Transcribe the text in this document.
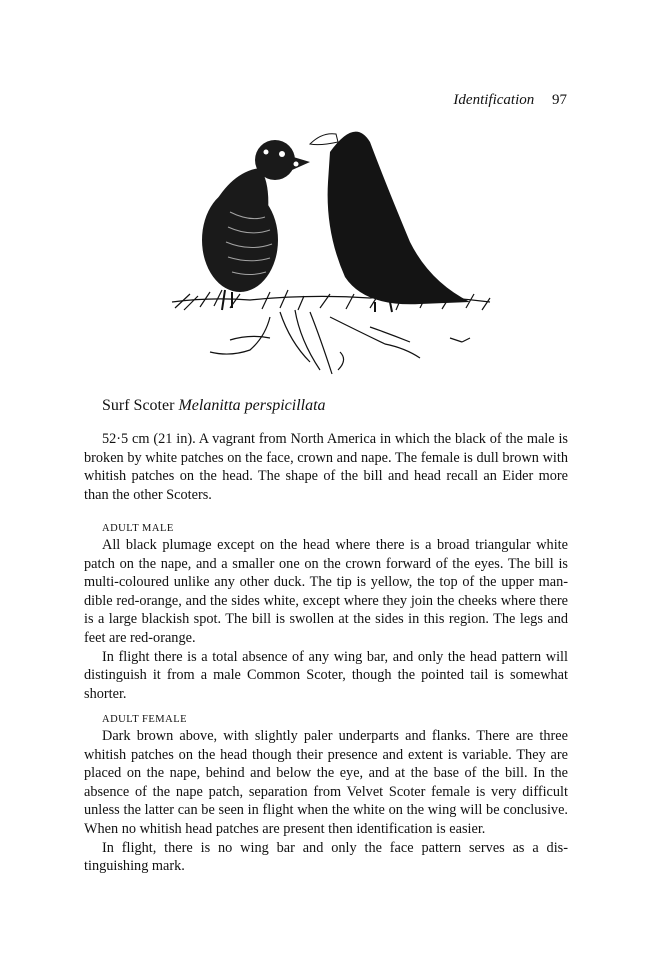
Identification 97
Surf Scoter Melanitta perspicillata

52·5 cm (21 in). A vagrant from North America in which the black of the male is broken by white patches on the face, crown and nape. The female is dull brown with whitish patches on the head. The shape of the bill and head recall an Eider more than the other Scoters.

ADULT MALE

All black plumage except on the head where there is a broad triangular white patch on the nape, and a smaller one on the crown forward of the eyes. The bill is multi-coloured unlike any other duck. The tip is yellow, the top of the upper man-dible red-orange, and the sides white, except where they join the cheeks where there is a large blackish spot. The bill is swollen at the sides in this region. The legs and feet are red-orange.

In flight there is a total absence of any wing bar, and only the head pattern will distinguish it from a male Common Scoter, though the pointed tail is somewhat shorter.

ADULT FEMALE

Dark brown above, with slightly paler underparts and flanks. There are three whitish patches on the head though their presence and extent is variable. They are placed on the nape, behind and below the eye, and at the base of the bill. In the absence of the nape patch, separation from Velvet Scoter female is very difficult unless the latter can be seen in flight when the white on the wing will be conclusive. When no whitish head patches are present then identification is easier.

In flight, there is no wing bar and only the face pattern serves as a dis-tinguishing mark.
